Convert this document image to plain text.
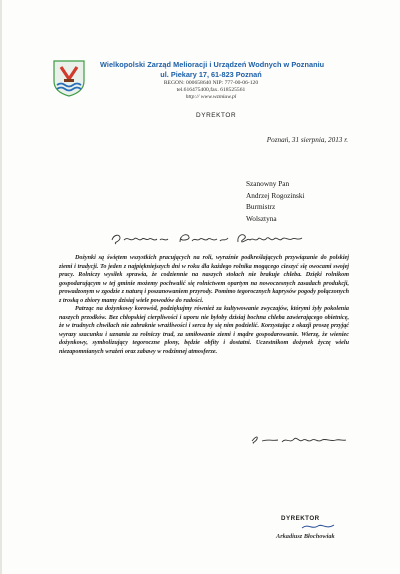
Wielkopolski Zarząd Melioracji i Urządzeń Wodnych w Poznaniu
ul. Piekary 17, 61-823 Poznań
REGON: 000658640 NIP: 777-00-06-120
tel.616475400,fax. 618525561
http:// www.wzmiuw.pl
DYREKTOR
Poznań, 31 sierpnia, 2013 r.
Szanowny Pan
Andrzej Rogozinski
Burmistrz
Wolsztyna

Dożynki są świętem wszystkich pracujących na roli, wyraźnie podkreślających przywiązanie do polskiej ziemi i tradycji. To jeden z najpiękniejszych dni w roku dla każdego rolnika mogącego cieszyć się owocami swojej pracy. Rolniczy wysiłek sprawia, że codziennie na naszych stołach nie brakuje chleba. Dzięki rolnikom gospodarującym w tej gminie możemy pochwalić się rolnictwem opartym na nowoczesnych zasadach produkcji, prowadzonym w zgodzie z naturą i poszanowaniem przyrody. Pomimo tegorocznych kaprysów pogody połączonych z troską o zbiory mamy dzisiaj wiele powodów do radości.

Patrząc na dożynkowy korowód, podziękujmy również za kultywowanie zwyczajów, którymi żyły pokolenia naszych przodków. Bez chłopskiej cierpliwości i uporu nie byłoby dzisiaj bochna chleba zawierającego obietnicę, że w trudnych chwilach nie zabraknie wrażliwości i serca by się nim podzielić. Korzystając z okazji proszę przyjąć wyrazy szacunku i uznania za rolniczy trud, za umiłowanie ziemi i mądre gospodarowanie. Wierzę, że wieniec dożynkowy, symbolizujący tegoroczne plony, będzie obfity i dostatni. Uczestnikom dożynek życzę wielu niezapomnianych wrażeń oraz zabawy w rodzinnej atmosferze.

DYREKTOR
Arkadiusz Błochowiak
